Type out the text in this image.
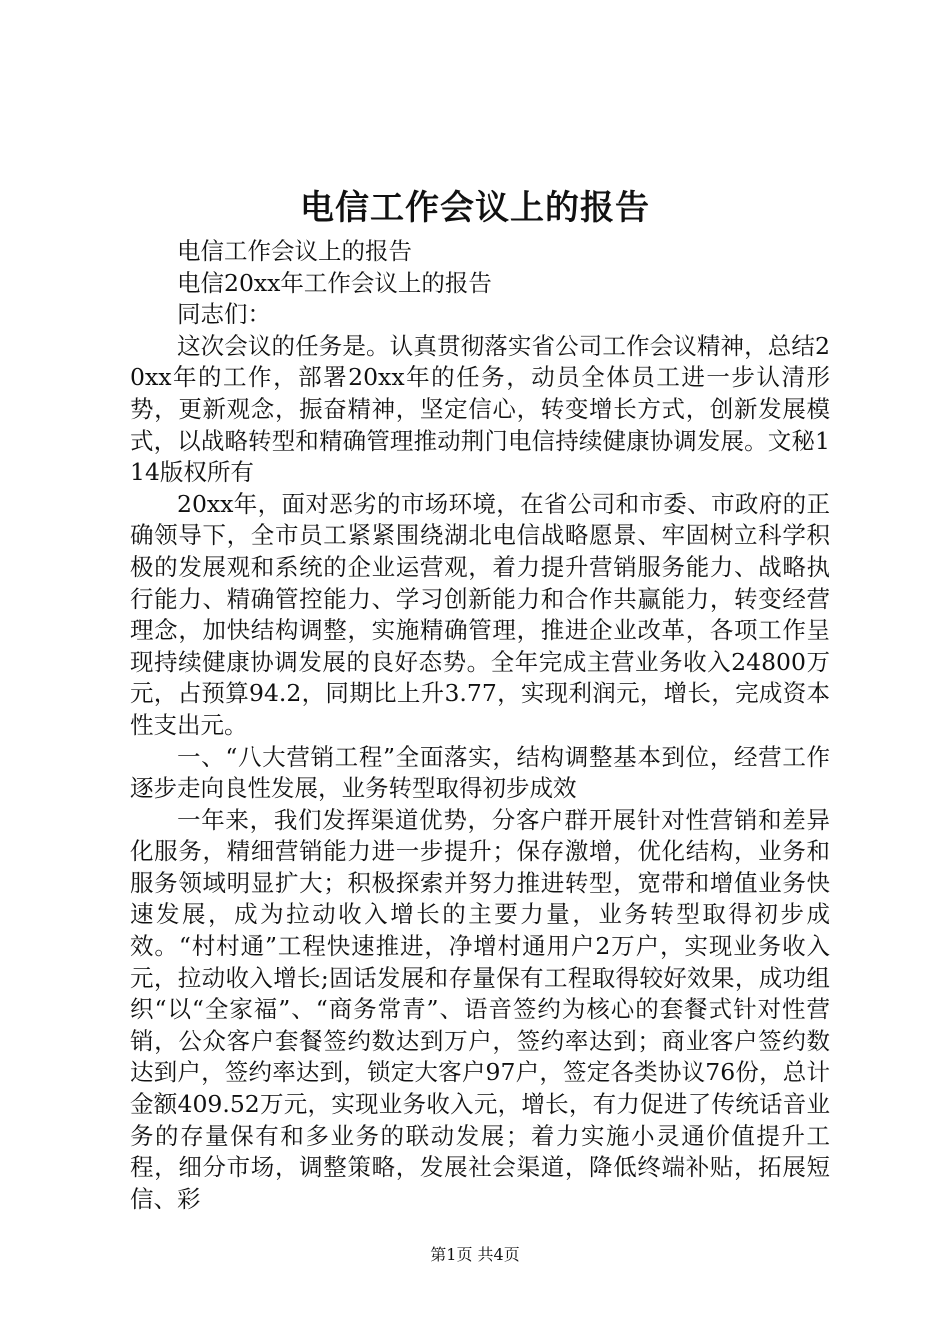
电信工作会议上的报告

电信工作会议上的报告

电信20xx年工作会议上的报告

同志们：

这次会议的任务是。认真贯彻落实省公司工作会议精神，总结20xx年的工作，部署20xx年的任务，动员全体员工进一步认清形势，更新观念，振奋精神，坚定信心，转变增长方式，创新发展模式，以战略转型和精确管理推动荆门电信持续健康协调发展。文秘114版权所有

20xx年，面对恶劣的市场环境，在省公司和市委、市政府的正确领导下，全市员工紧紧围绕湖北电信战略愿景、牢固树立科学积极的发展观和系统的企业运营观，着力提升营销服务能力、战略执行能力、精确管控能力、学习创新能力和合作共赢能力，转变经营理念，加快结构调整，实施精确管理，推进企业改革，各项工作呈现持续健康协调发展的良好态势。全年完成主营业务收入24800万元，占预算94.2，同期比上升3.77，实现利润元，增长，完成资本性支出元。

一、“八大营销工程”全面落实，结构调整基本到位，经营工作逐步走向良性发展，业务转型取得初步成效

一年来，我们发挥渠道优势，分客户群开展针对性营销和差异化服务，精细营销能力进一步提升；保存激增，优化结构，业务和服务领域明显扩大；积极探索并努力推进转型，宽带和增值业务快速发展，成为拉动收入增长的主要力量，业务转型取得初步成效。“村村通”工程快速推进，净增村通用户2万户，实现业务收入元，拉动收入增长;固话发展和存量保有工程取得较好效果，成功组织“以“全家福”、“商务常青”、语音签约为核心的套餐式针对性营销，公众客户套餐签约数达到万户，签约率达到；商业客户签约数达到户，签约率达到，锁定大客户97户，签定各类协议76份，总计金额409.52万元，实现业务收入元，增长，有力促进了传统话音业务的存量保有和多业务的联动发展；着力实施小灵通价值提升工程，细分市场，调整策略，发展社会渠道，降低终端补贴，拓展短信、彩

第1页 共4页
